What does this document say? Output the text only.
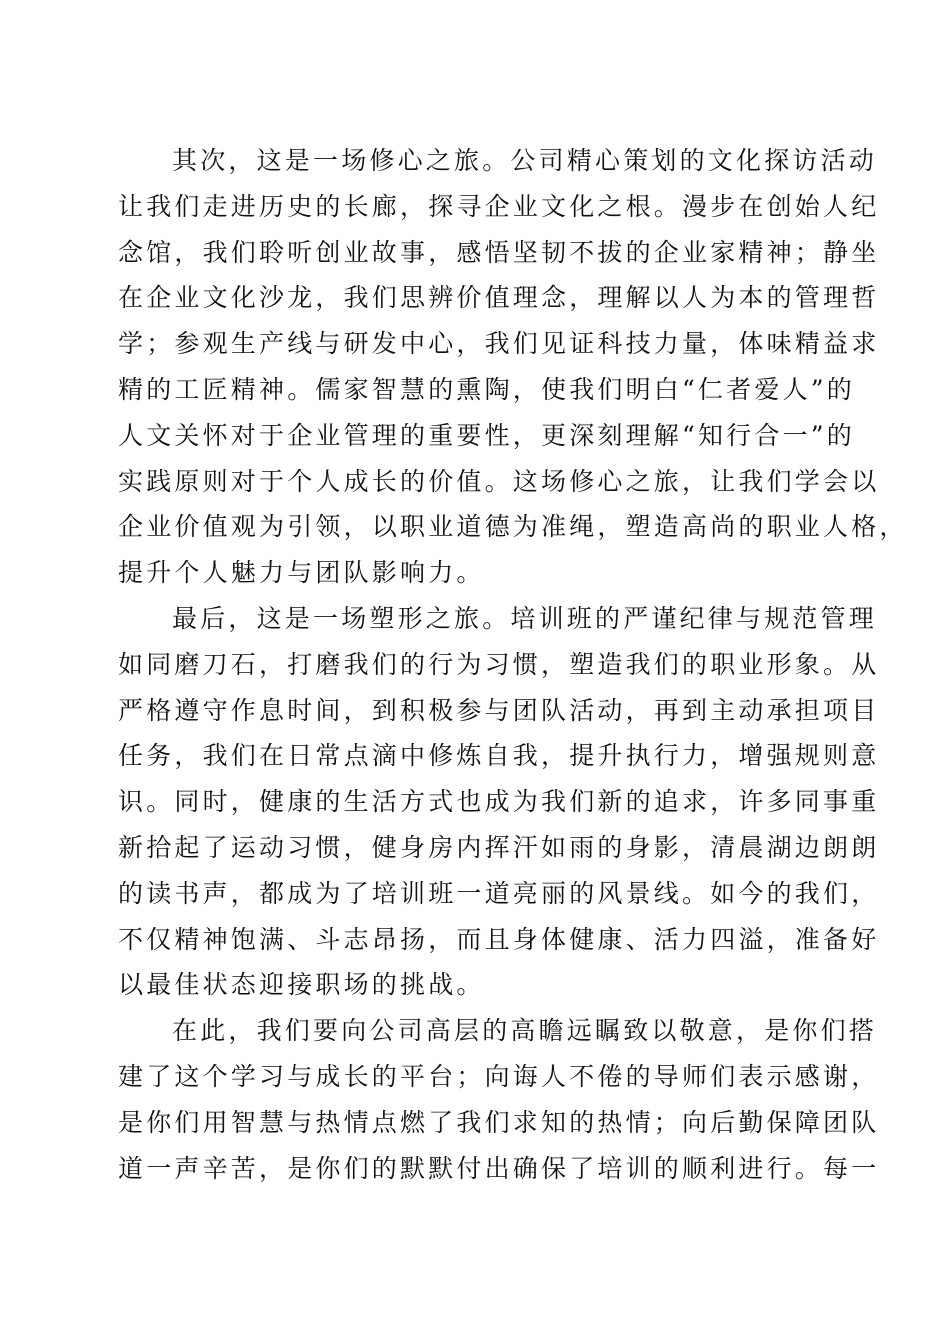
其次，这是一场修心之旅。公司精心策划的文化探访活动
让我们走进历史的长廊，探寻企业文化之根。漫步在创始人纪
念馆，我们聆听创业故事，感悟坚韧不拔的企业家精神；静坐
在企业文化沙龙，我们思辨价值理念，理解以人为本的管理哲
学；参观生产线与研发中心，我们见证科技力量，体味精益求
精的工匠精神。儒家智慧的熏陶，使我们明白“仁者爱人”的
人文关怀对于企业管理的重要性，更深刻理解“知行合一”的
实践原则对于个人成长的价值。这场修心之旅，让我们学会以
企业价值观为引领，以职业道德为准绳，塑造高尚的职业人格，
提升个人魅力与团队影响力。
最后，这是一场塑形之旅。培训班的严谨纪律与规范管理
如同磨刀石，打磨我们的行为习惯，塑造我们的职业形象。从
严格遵守作息时间，到积极参与团队活动，再到主动承担项目
任务，我们在日常点滴中修炼自我，提升执行力，增强规则意
识。同时，健康的生活方式也成为我们新的追求，许多同事重
新拾起了运动习惯，健身房内挥汗如雨的身影，清晨湖边朗朗
的读书声，都成为了培训班一道亮丽的风景线。如今的我们，
不仅精神饱满、斗志昂扬，而且身体健康、活力四溢，准备好
以最佳状态迎接职场的挑战。
在此，我们要向公司高层的高瞻远瞩致以敬意，是你们搭
建了这个学习与成长的平台；向诲人不倦的导师们表示感谢，
是你们用智慧与热情点燃了我们求知的热情；向后勤保障团队
道一声辛苦，是你们的默默付出确保了培训的顺利进行。每一
